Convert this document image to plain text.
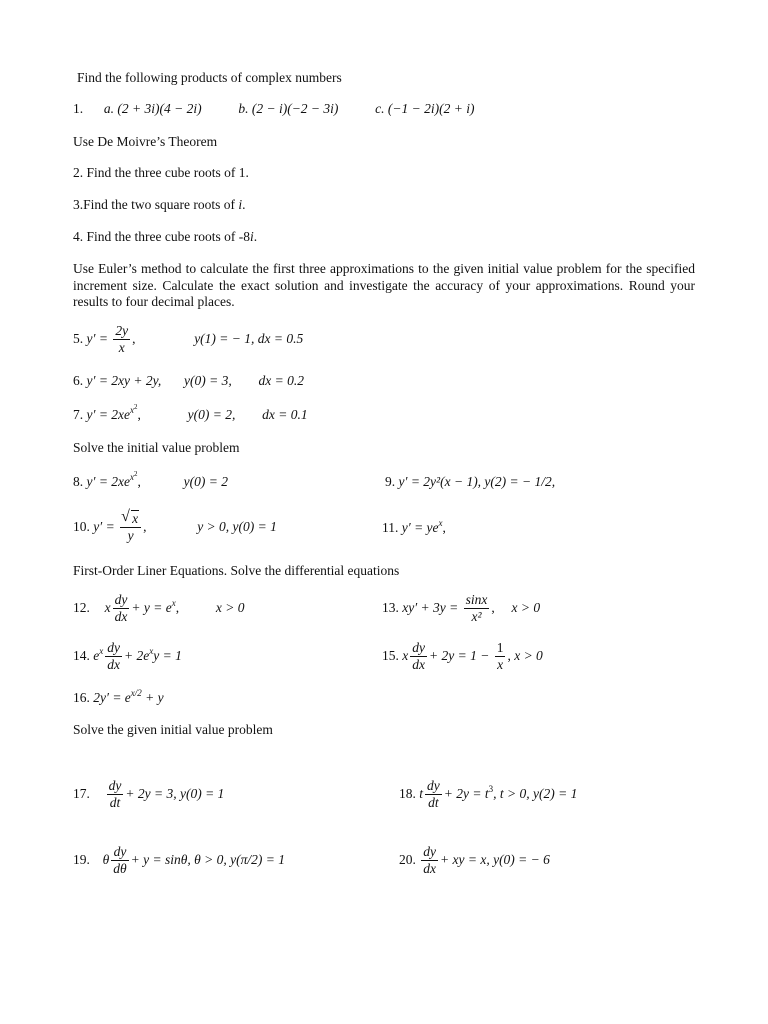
Find the following products of complex numbers
1. a. (2 + 3i)(4 − 2i)	b. (2 − i)(−2 − 3i)	c. (−1 − 2i)(2 + i)
Use De Moivre’s Theorem
2. Find the three cube roots of 1.
3.Find the two square roots of i.
4. Find the three cube roots of -8i.
Use Euler’s method to calculate the first three approximations to the given initial value problem for the specified increment size. Calculate the exact solution and investigate the accuracy of your approximations. Round your results to four decimal places.
5. $y' = \frac{2y}{x}$ ,	y(1) = − 1, dx = 0.5
6. y′ = 2xy + 2y, y(0) = 3, dx = 0.2
7. $y' = 2xe^{x^2}$,	y(0) = 2, dx = 0.1
Solve the initial value problem
8. $y' = 2xe^{x^2}$,	y(0) = 2	9. y′ = 2y²(x − 1), y(2) = − 1/2,
10. y′ =
√ $\frac{x}{y}$ ,	y > 0, y(0) = 1	11. $y' = ye^x$,
First-Order Liner Equations. Solve the differential equations
12. x $\frac{dy}{dx} + y = e^x$,	x > 0	13. $xy' + 3y = \frac{\sin x}{\text{x²}}$ , x > 0
14. $e^x \frac{dy}{dx} + 2e^xy = 1$	15. x $\frac{dy}{dx} + 2y = 1 - \frac{1}{x}$ , x > 0
16. $2y' = e^{x/2} + y$
Solve the given initial value problem
17. $\frac{dy}{dt} + 2y = 3$, y(0) = 1	18. t $\frac{dy}{dt} + 2y = t^3$, t > 0, y(2) = 1
19. θ $\frac{dy}{d\theta} + y = \sin\theta$, θ > 0, y(π/2) = 1	20. $\frac{dy}{dx}$ + xy = x, y(0) = − 6
